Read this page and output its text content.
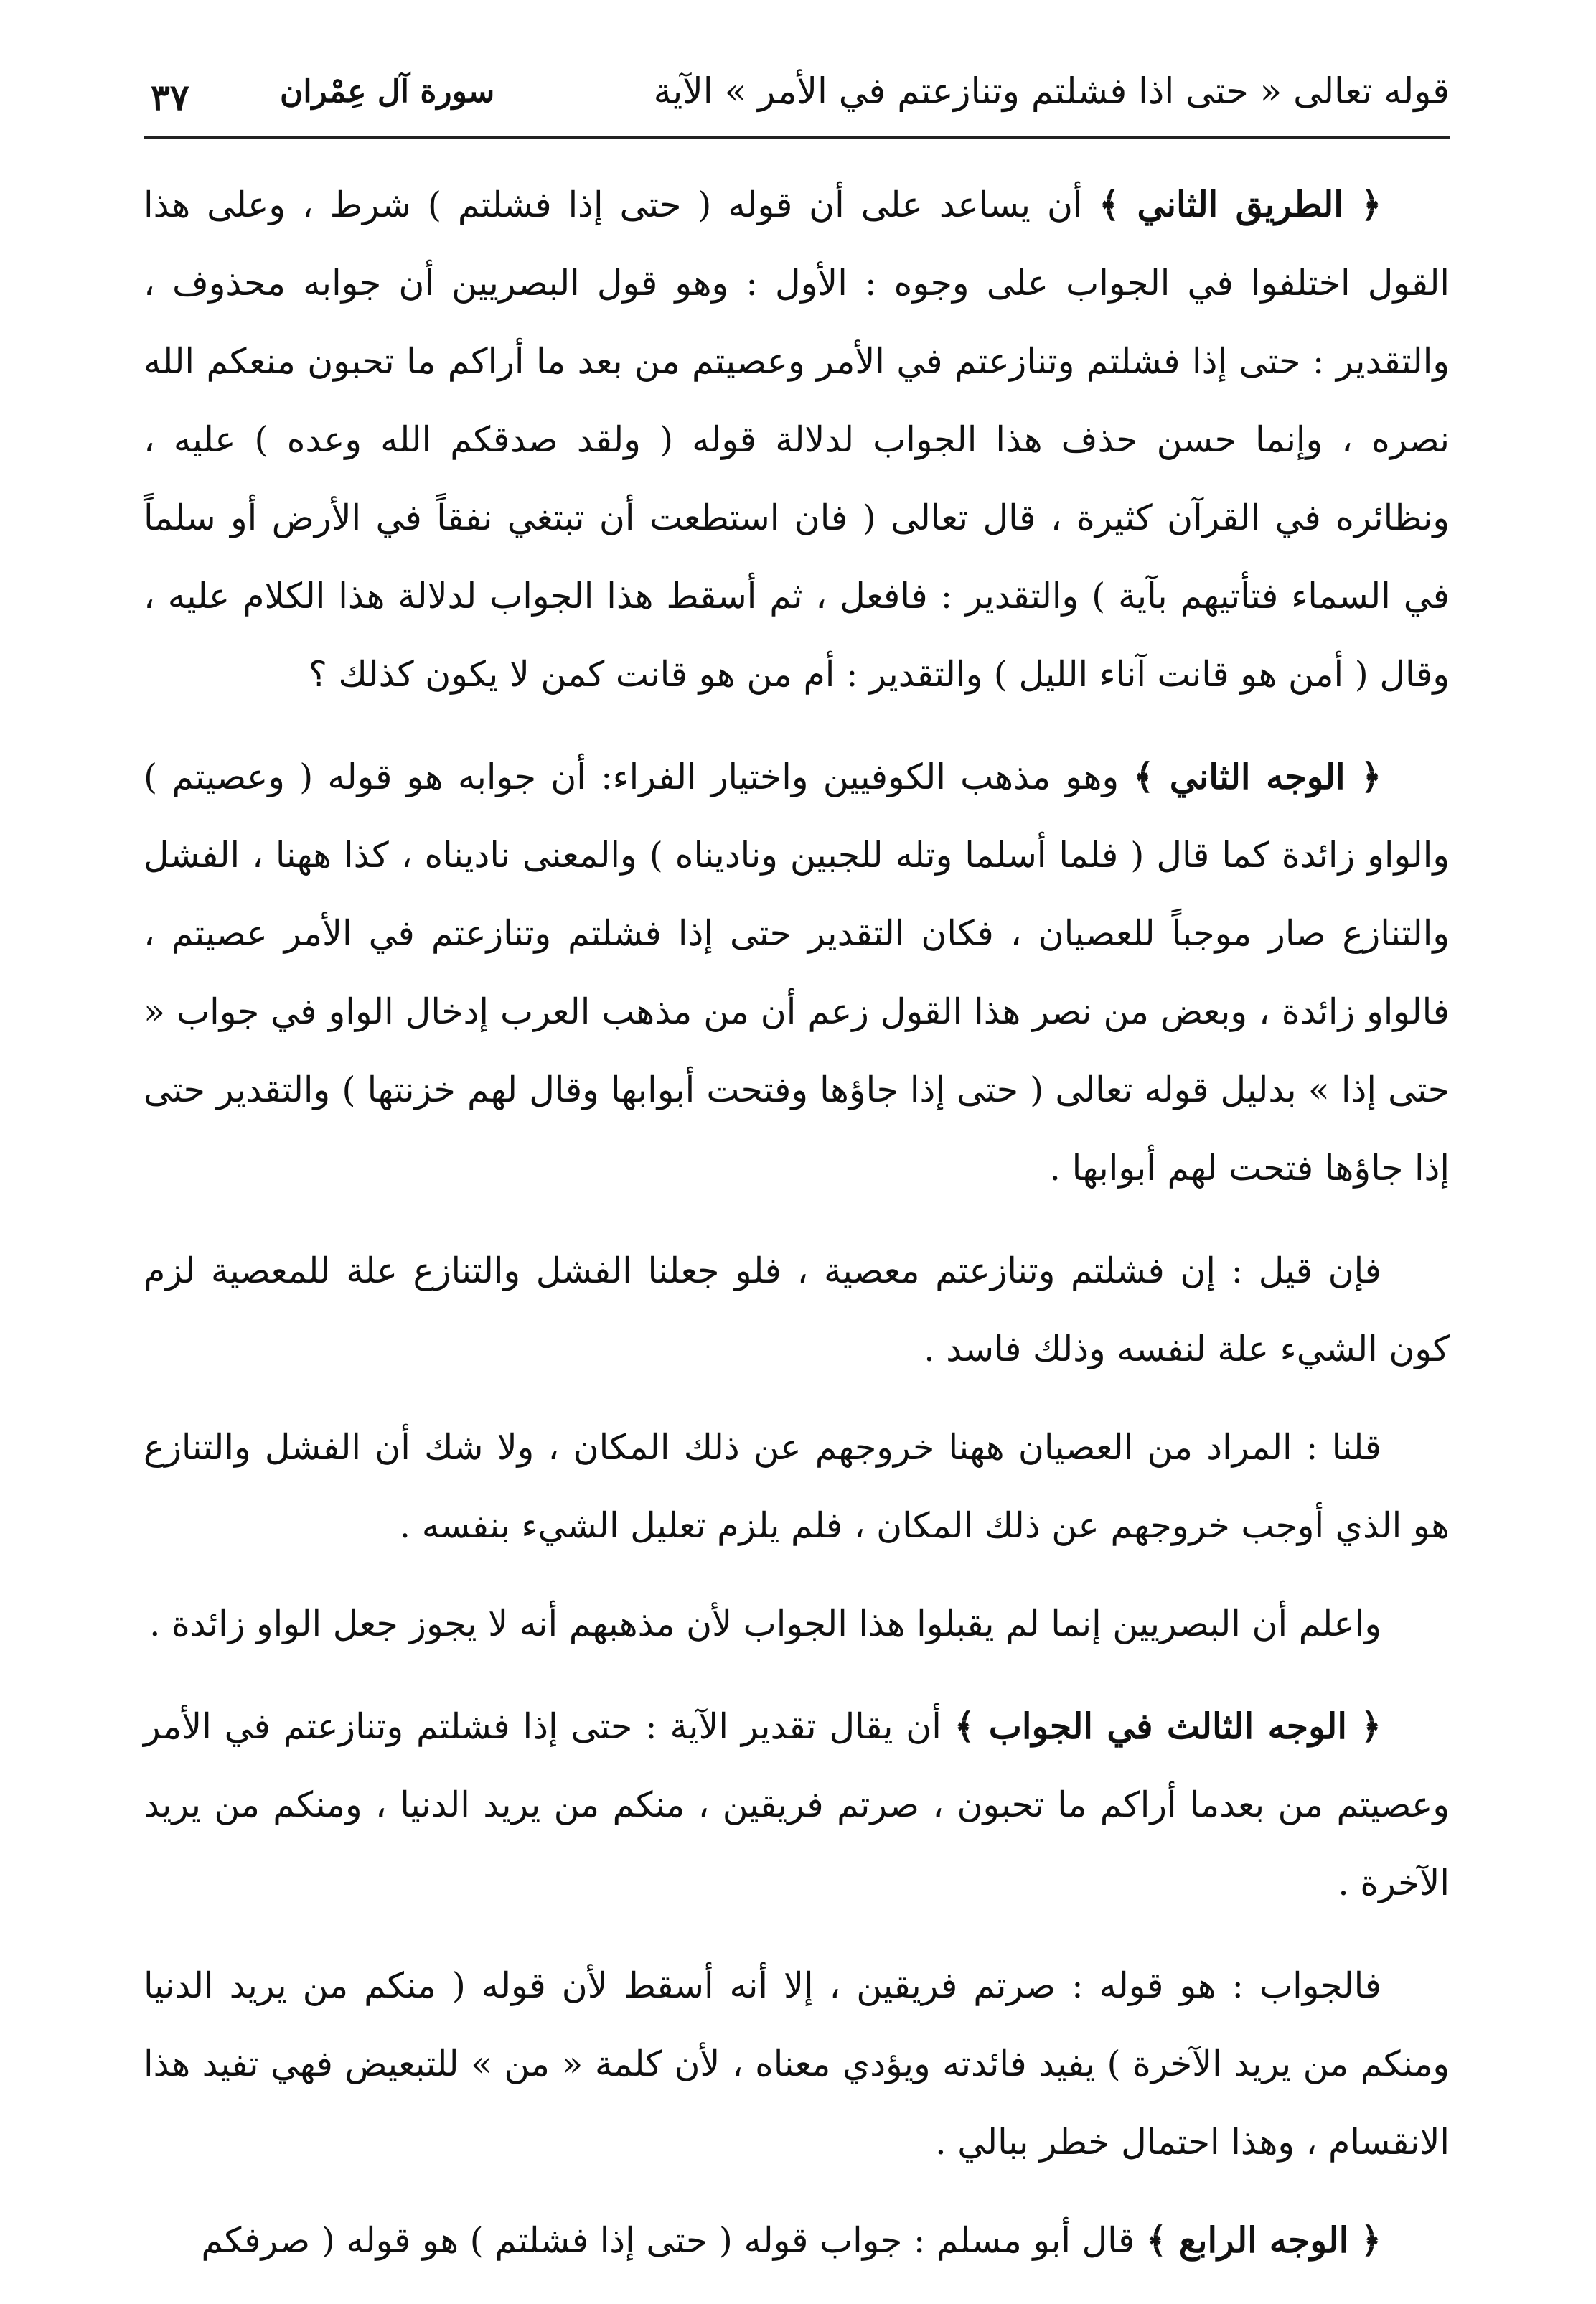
قوله تعالى « حتى اذا فشلتم وتنازعتم في الأمر » الآية
سورة آل عِمْران
٣٧

﴿ الطريق الثاني ﴾ أن يساعد على أن قوله ( حتى إذا فشلتم ) شرط ، وعلى هذا القول اختلفوا في الجواب على وجوه : الأول : وهو قول البصريين أن جوابه محذوف ، والتقدير : حتى إذا فشلتم وتنازعتم في الأمر وعصيتم من بعد ما أراكم ما تحبون منعكم الله نصره ، وإنما حسن حذف هذا الجواب لدلالة قوله ( ولقد صدقكم الله وعده ) عليه ، ونظائره في القرآن كثيرة ، قال تعالى ( فان استطعت أن تبتغي نفقاً في الأرض أو سلماً في السماء فتأتيهم بآية ) والتقدير : فافعل ، ثم أسقط هذا الجواب لدلالة هذا الكلام عليه ، وقال ( أمن هو قانت آناء الليل ) والتقدير : أم من هو قانت كمن لا يكون كذلك ؟

﴿ الوجه الثاني ﴾ وهو مذهب الكوفيين واختيار الفراء: أن جوابه هو قوله ( وعصيتم ) والواو زائدة كما قال ( فلما أسلما وتله للجبين وناديناه ) والمعنى ناديناه ، كذا ههنا ، الفشل والتنازع صار موجباً للعصيان ، فكان التقدير حتى إذا فشلتم وتنازعتم في الأمر عصيتم ، فالواو زائدة ، وبعض من نصر هذا القول زعم أن من مذهب العرب إدخال الواو في جواب « حتى إذا » بدليل قوله تعالى ( حتى إذا جاؤها وفتحت أبوابها وقال لهم خزنتها ) والتقدير حتى إذا جاؤها فتحت لهم أبوابها .

فإن قيل : إن فشلتم وتنازعتم معصية ، فلو جعلنا الفشل والتنازع علة للمعصية لزم كون الشيء علة لنفسه وذلك فاسد .

قلنا : المراد من العصيان ههنا خروجهم عن ذلك المكان ، ولا شك أن الفشل والتنازع هو الذي أوجب خروجهم عن ذلك المكان ، فلم يلزم تعليل الشيء بنفسه .

واعلم أن البصريين إنما لم يقبلوا هذا الجواب لأن مذهبهم أنه لا يجوز جعل الواو زائدة .

﴿ الوجه الثالث في الجواب ﴾ أن يقال تقدير الآية : حتى إذا فشلتم وتنازعتم في الأمر وعصيتم من بعدما أراكم ما تحبون ، صرتم فريقين ، منكم من يريد الدنيا ، ومنكم من يريد الآخرة .

فالجواب : هو قوله : صرتم فريقين ، إلا أنه أسقط لأن قوله ( منكم من يريد الدنيا ومنكم من يريد الآخرة ) يفيد فائدته ويؤدي معناه ، لأن كلمة « من » للتبعيض فهي تفيد هذا الانقسام ، وهذا احتمال خطر ببالي .

﴿ الوجه الرابع ﴾ قال أبو مسلم : جواب قوله ( حتى إذا فشلتم ) هو قوله ( صرفكم
